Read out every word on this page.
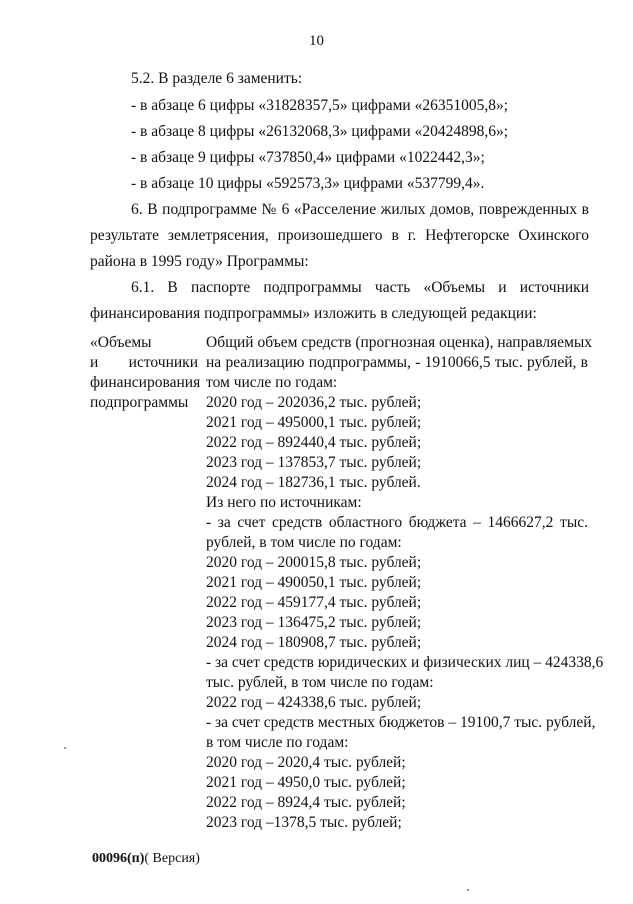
10
5.2. В разделе 6 заменить:
- в абзаце 6 цифры «31828357,5» цифрами «26351005,8»;
- в абзаце 8 цифры «26132068,3» цифрами «20424898,6»;
- в абзаце 9 цифры «737850,4» цифрами «1022442,3»;
- в абзаце 10 цифры «592573,3» цифрами «537799,4».
6. В подпрограмме № 6 «Расселение жилых домов, поврежденных в
результате землетрясения, произошедшего в г. Нефтегорске Охинского
района в 1995 году» Программы:
6.1. В паспорте подпрограммы часть «Объемы и источники
финансирования подпрограммы» изложить в следующей редакции:
«Объемы
и источники
финансирования
подпрограммы
Общий объем средств (прогнозная оценка), направляемых
на реализацию подпрограммы, - 1910066,5 тыс. рублей, в
том числе по годам:
2020 год – 202036,2 тыс. рублей;
2021 год – 495000,1 тыс. рублей;
2022 год – 892440,4 тыс. рублей;
2023 год – 137853,7 тыс. рублей;
2024 год – 182736,1 тыс. рублей.
Из него по источникам:
- за счет средств областного бюджета – 1466627,2 тыс.
рублей, в том числе по годам:
2020 год – 200015,8 тыс. рублей;
2021 год – 490050,1 тыс. рублей;
2022 год – 459177,4 тыс. рублей;
2023 год – 136475,2 тыс. рублей;
2024 год – 180908,7 тыс. рублей;
- за счет средств юридических и физических лиц – 424338,6
тыс. рублей, в том числе по годам:
2022 год – 424338,6 тыс. рублей;
- за счет средств местных бюджетов – 19100,7 тыс. рублей,
в том числе по годам:
2020 год – 2020,4 тыс. рублей;
2021 год – 4950,0 тыс. рублей;
2022 год – 8924,4 тыс. рублей;
2023 год –1378,5 тыс. рублей;
00096(п)( Версия)
